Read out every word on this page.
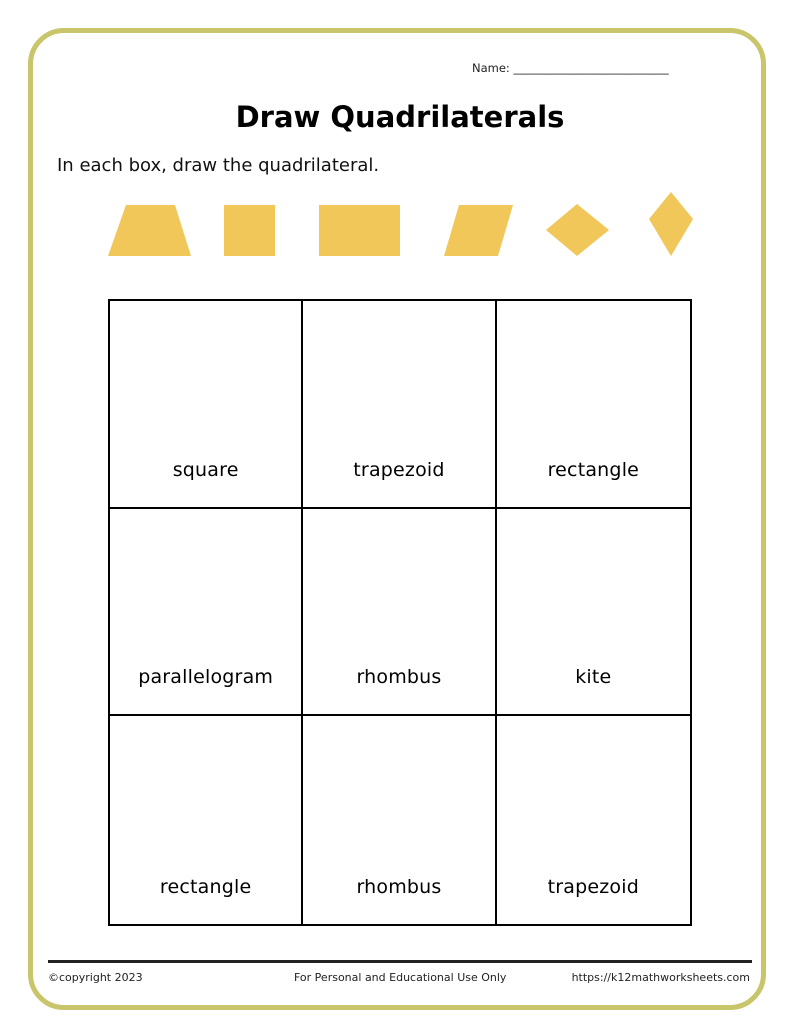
Name: ___________________________
Draw Quadrilaterals
In each box, draw the quadrilateral.
square	trapezoid	rectangle
parallelogram	rhombus	kite
rectangle	rhombus	trapezoid
©copyright 2023	For Personal and Educational Use Only	https://k12mathworksheets.com
